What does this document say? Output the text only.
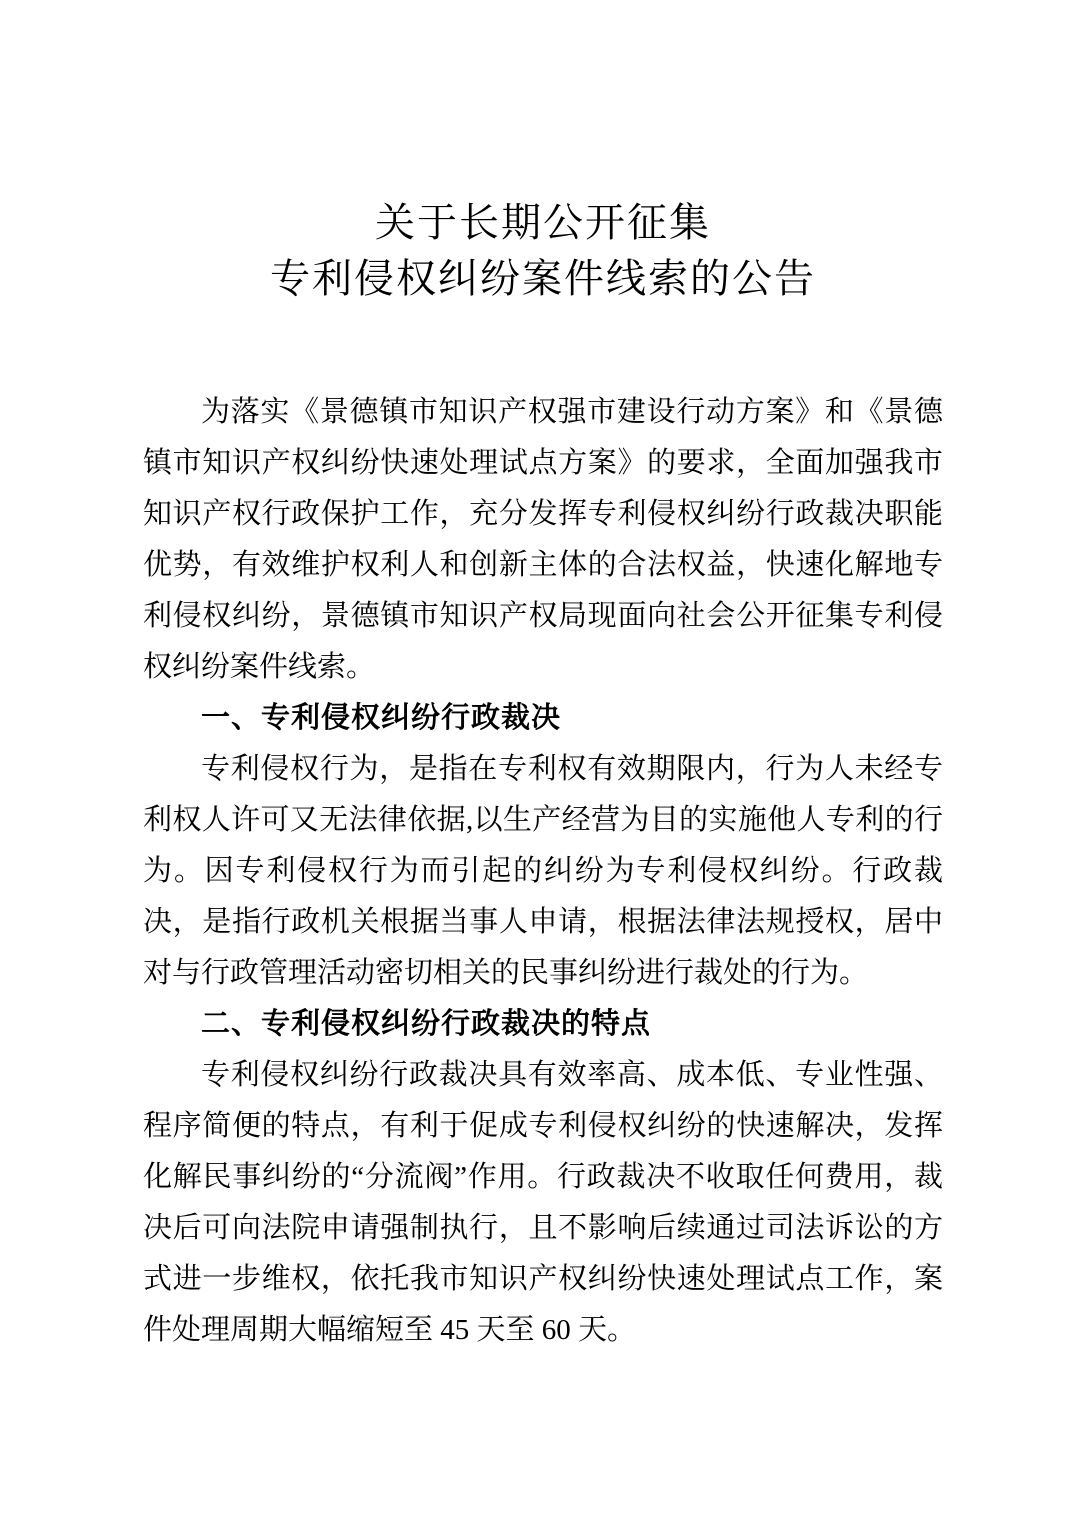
关于长期公开征集
专利侵权纠纷案件线索的公告

为落实《景德镇市知识产权强市建设行动方案》和《景德镇市知识产权纠纷快速处理试点方案》的要求，全面加强我市知识产权行政保护工作，充分发挥专利侵权纠纷行政裁决职能优势，有效维护权利人和创新主体的合法权益，快速化解地专利侵权纠纷，景德镇市知识产权局现面向社会公开征集专利侵权纠纷案件线索。

一、专利侵权纠纷行政裁决

专利侵权行为，是指在专利权有效期限内，行为人未经专利权人许可又无法律依据,以生产经营为目的实施他人专利的行为。因专利侵权行为而引起的纠纷为专利侵权纠纷。行政裁决，是指行政机关根据当事人申请，根据法律法规授权，居中对与行政管理活动密切相关的民事纠纷进行裁处的行为。

二、专利侵权纠纷行政裁决的特点

专利侵权纠纷行政裁决具有效率高、成本低、专业性强、程序简便的特点，有利于促成专利侵权纠纷的快速解决，发挥化解民事纠纷的“分流阀”作用。行政裁决不收取任何费用，裁决后可向法院申请强制执行，且不影响后续通过司法诉讼的方式进一步维权，依托我市知识产权纠纷快速处理试点工作，案件处理周期大幅缩短至 45 天至 60 天。
